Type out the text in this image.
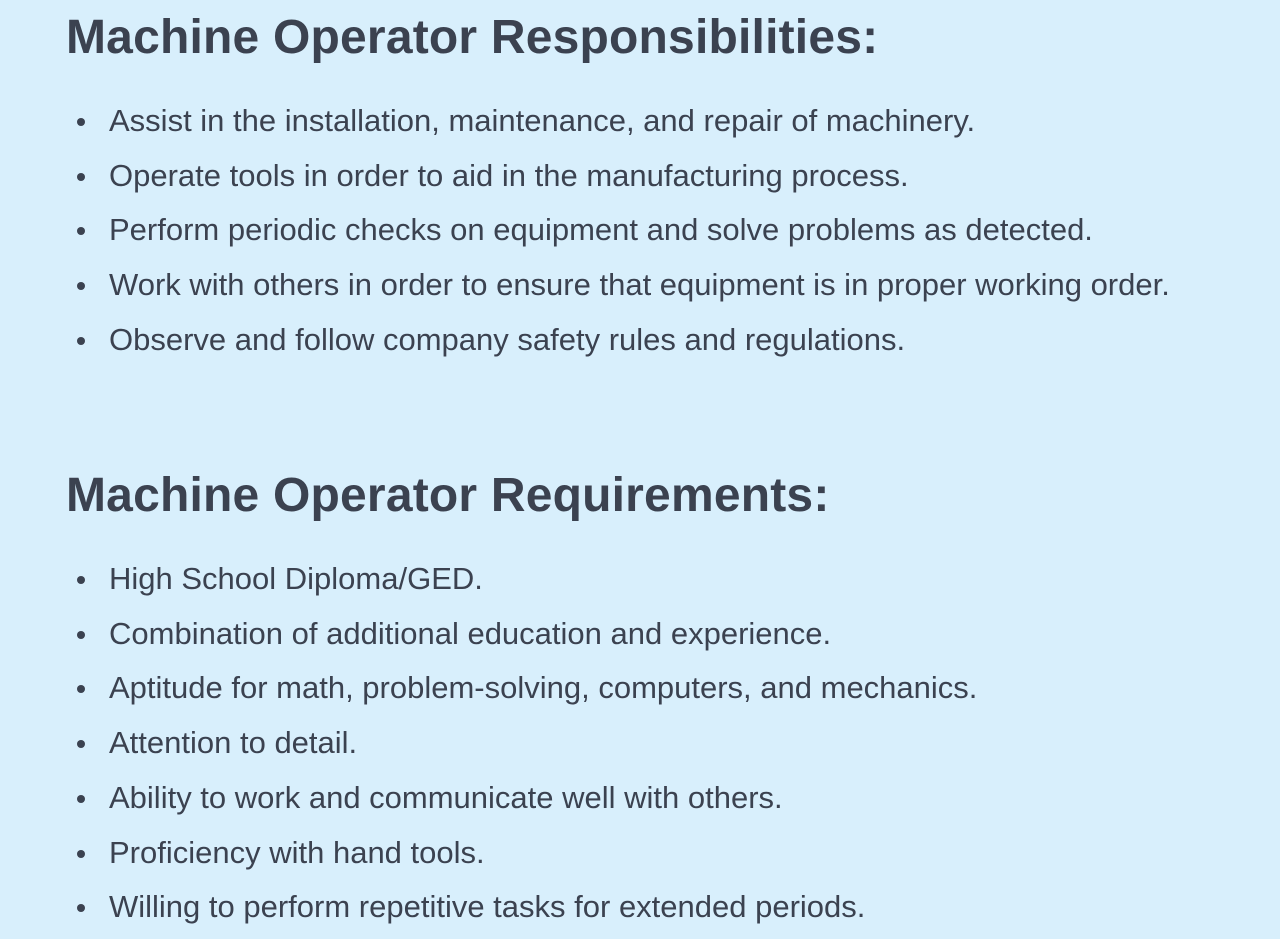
Machine Operator Responsibilities:
Assist in the installation, maintenance, and repair of machinery.
Operate tools in order to aid in the manufacturing process.
Perform periodic checks on equipment and solve problems as detected.
Work with others in order to ensure that equipment is in proper working order.
Observe and follow company safety rules and regulations.
Machine Operator Requirements:
High School Diploma/GED.
Combination of additional education and experience.
Aptitude for math, problem-solving, computers, and mechanics.
Attention to detail.
Ability to work and communicate well with others.
Proficiency with hand tools.
Willing to perform repetitive tasks for extended periods.
